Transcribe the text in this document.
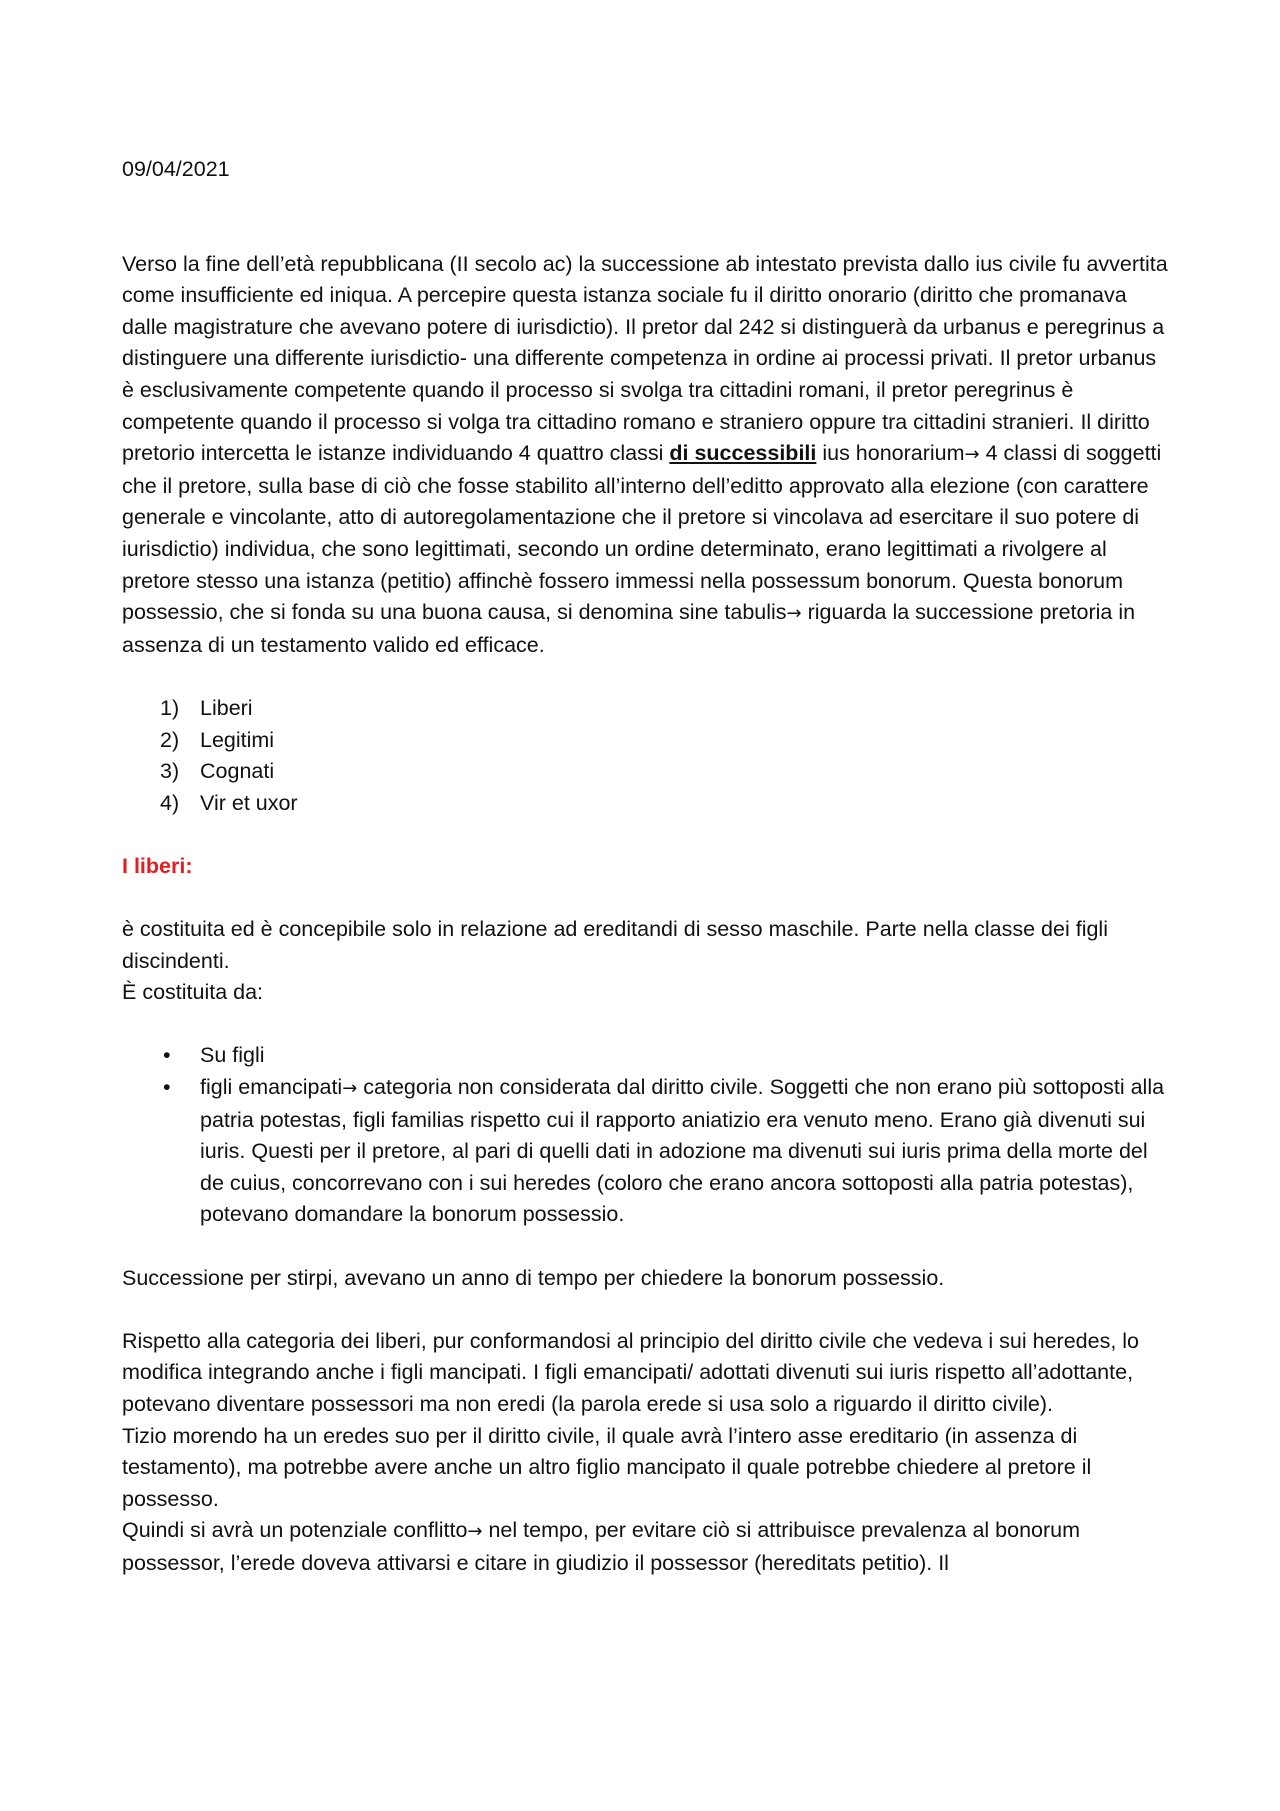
09/04/2021

Verso la fine dell’età repubblicana (II secolo ac) la successione ab intestato prevista dallo ius civile fu avvertita come insufficiente ed iniqua. A percepire questa istanza sociale fu il diritto onorario (diritto che promanava dalle magistrature che avevano potere di iurisdictio). Il pretor dal 242 si distinguerà da urbanus e peregrinus a distinguere una differente iurisdictio- una differente competenza in ordine ai processi privati. Il pretor urbanus è esclusivamente competente quando il processo si svolga tra cittadini romani, il pretor peregrinus è competente quando il processo si volga tra cittadino romano e straniero oppure tra cittadini stranieri. Il diritto pretorio intercetta le istanze individuando 4 quattro classi di successibili ius honorarium→ 4 classi di soggetti che il pretore, sulla base di ciò che fosse stabilito all’interno dell’editto approvato alla elezione (con carattere generale e vincolante, atto di autoregolamentazione che il pretore si vincolava ad esercitare il suo potere di iurisdictio) individua, che sono legittimati, secondo un ordine determinato, erano legittimati a rivolgere al pretore stesso una istanza (petitio) affinchè fossero immessi nella possessum bonorum. Questa bonorum possessio, che si fonda su una buona causa, si denomina sine tabulis→ riguarda la successione pretoria in assenza di un testamento valido ed efficace.

1) Liberi
2) Legitimi
3) Cognati
4) Vir et uxor

I liberi:

è costituita ed è concepibile solo in relazione ad ereditandi di sesso maschile. Parte nella classe dei figli discindenti.

È costituita da:

• Su figli
• figli emancipati→ categoria non considerata dal diritto civile. Soggetti che non erano più sottoposti alla patria potestas, figli familias rispetto cui il rapporto aniatizio era venuto meno. Erano già divenuti sui iuris. Questi per il pretore, al pari di quelli dati in adozione ma divenuti sui iuris prima della morte del de cuius, concorrevano con i sui heredes (coloro che erano ancora sottoposti alla patria potestas), potevano domandare la bonorum possessio.

Successione per stirpi, avevano un anno di tempo per chiedere la bonorum possessio.

Rispetto alla categoria dei liberi, pur conformandosi al principio del diritto civile che vedeva i sui heredes, lo modifica integrando anche i figli mancipati. I figli emancipati/ adottati divenuti sui iuris rispetto all’adottante, potevano diventare possessori ma non eredi (la parola erede si usa solo a riguardo il diritto civile).

Tizio morendo ha un eredes suo per il diritto civile, il quale avrà l’intero asse ereditario (in assenza di testamento), ma potrebbe avere anche un altro figlio mancipato il quale potrebbe chiedere al pretore il possesso.

Quindi si avrà un potenziale conflitto→ nel tempo, per evitare ciò si attribuisce prevalenza al bonorum possessor, l’erede doveva attivarsi e citare in giudizio il possessor (hereditats petitio). Il
